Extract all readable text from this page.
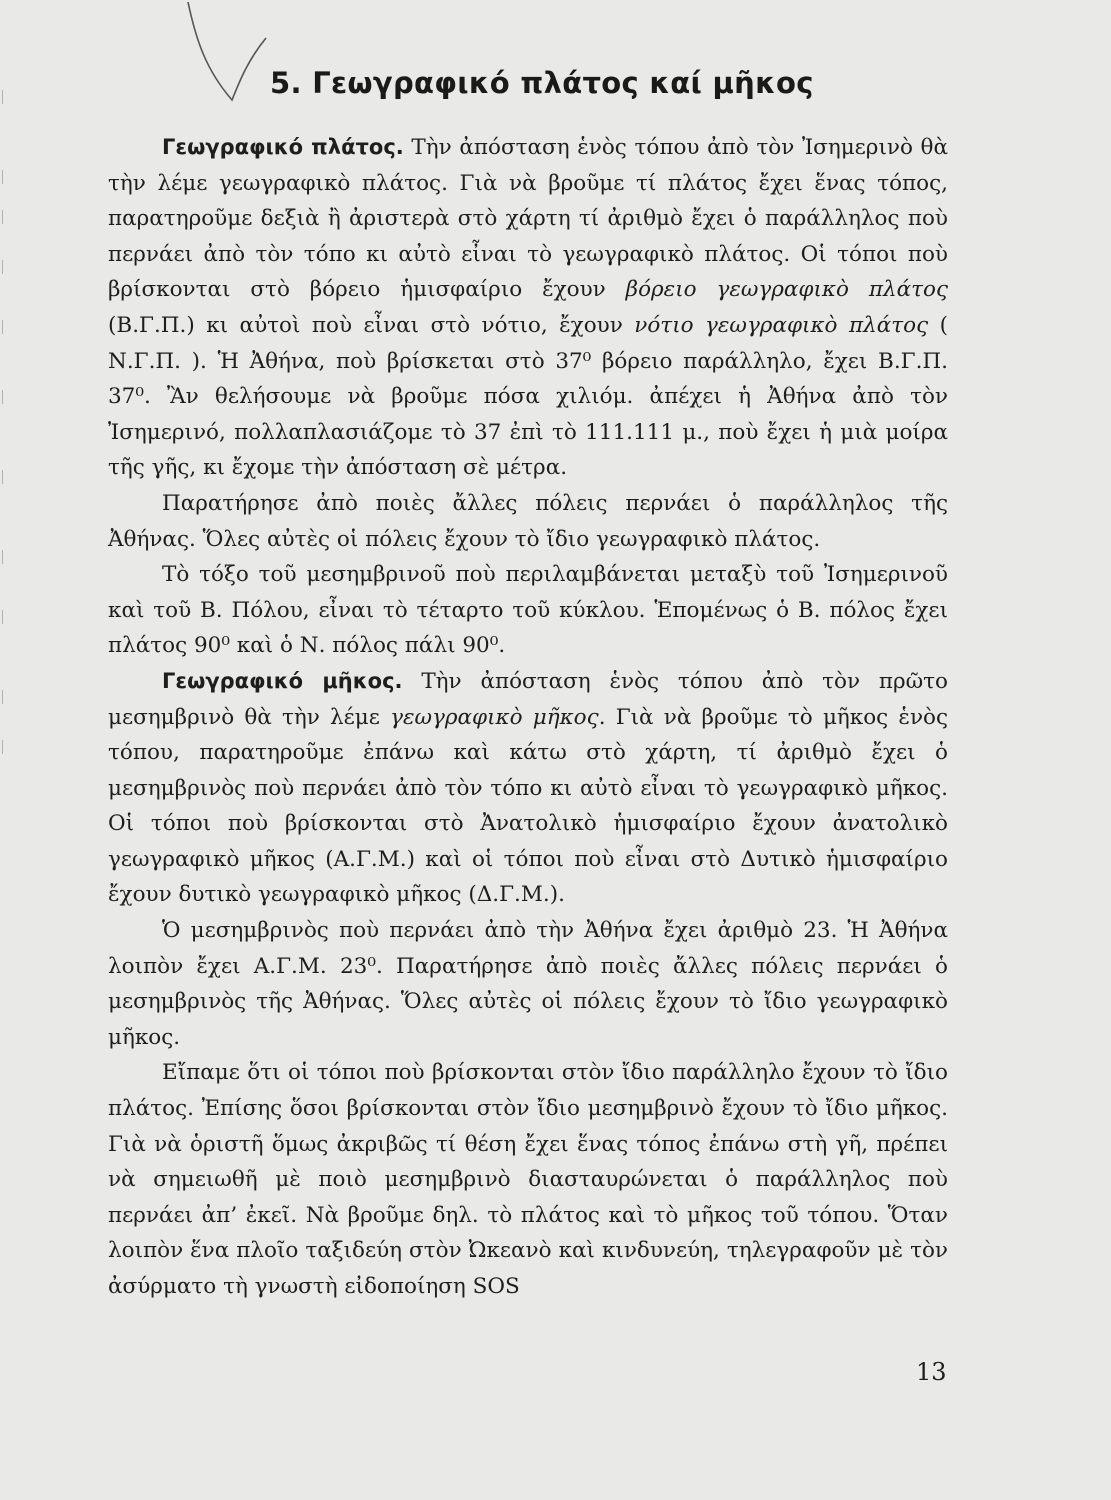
5. Γεωγραφικό πλάτος καί μῆκος

Γεωγραφικό πλάτος. Τὴν ἀπόσταση ἑνὸς τόπου ἀπὸ τὸν Ἰσημερινὸ θὰ τὴν λέμε γεωγραφικὸ πλάτος. Γιὰ νὰ βροῦμε τί πλάτος ἔχει ἕνας τόπος, παρατηροῦμε δεξιὰ ἢ ἀριστερὰ στὸ χάρτη τί ἀριθμὸ ἔχει ὁ παράλληλος ποὺ περνάει ἀπὸ τὸν τόπο κι αὐτὸ εἶναι τὸ γεωγραφικὸ πλάτος. Οἱ τόποι ποὺ βρίσκονται στὸ βόρειο ἡμισφαίριο ἔχουν βόρειο γεωγραφικὸ πλάτος (Β.Γ.Π.) κι αὐτοὶ ποὺ εἶναι στὸ νότιο, ἔχουν νότιο γεωγραφικὸ πλάτος ( Ν.Γ.Π. ). Ἡ Ἀθήνα, ποὺ βρίσκεται στὸ 37⁰ βόρειο παράλληλο, ἔχει Β.Γ.Π. 37⁰. Ἂν θελήσουμε νὰ βροῦμε πόσα χιλιόμ. ἀπέχει ἡ Ἀθήνα ἀπὸ τὸν Ἰσημερινό, πολλαπλασιάζομε τὸ 37 ἐπὶ τὸ 111.111 μ., ποὺ ἔχει ἡ μιὰ μοίρα τῆς γῆς, κι ἔχομε τὴν ἀπόσταση σὲ μέτρα.

Παρατήρησε ἀπὸ ποιὲς ἄλλες πόλεις περνάει ὁ παράλληλος τῆς Ἀθήνας. Ὅλες αὐτὲς οἱ πόλεις ἔχουν τὸ ἴδιο γεωγραφικὸ πλάτος.

Τὸ τόξο τοῦ μεσημβρινοῦ ποὺ περιλαμβάνεται μεταξὺ τοῦ Ἰσημερινοῦ καὶ τοῦ Β. Πόλου, εἶναι τὸ τέταρτο τοῦ κύκλου. Ἑπομένως ὁ Β. πόλος ἔχει πλάτος 90⁰ καὶ ὁ Ν. πόλος πάλι 90⁰.

Γεωγραφικό μῆκος. Τὴν ἀπόσταση ἑνὸς τόπου ἀπὸ τὸν πρῶτο μεσημβρινὸ θὰ τὴν λέμε γεωγραφικὸ μῆκος. Γιὰ νὰ βροῦμε τὸ μῆκος ἑνὸς τόπου, παρατηροῦμε ἐπάνω καὶ κάτω στὸ χάρτη, τί ἀριθμὸ ἔχει ὁ μεσημβρινὸς ποὺ περνάει ἀπὸ τὸν τόπο κι αὐτὸ εἶναι τὸ γεωγραφικὸ μῆκος. Οἱ τόποι ποὺ βρίσκονται στὸ Ἀνατολικὸ ἡμισφαίριο ἔχουν ἀνατολικὸ γεωγραφικὸ μῆκος (Α.Γ.Μ.) καὶ οἱ τόποι ποὺ εἶναι στὸ Δυτικὸ ἡμισφαίριο ἔχουν δυτικὸ γεωγραφικὸ μῆκος (Δ.Γ.Μ.).

Ὁ μεσημβρινὸς ποὺ περνάει ἀπὸ τὴν Ἀθήνα ἔχει ἀριθμὸ 23. Ἡ Ἀθήνα λοιπὸν ἔχει Α.Γ.Μ. 23⁰. Παρατήρησε ἀπὸ ποιὲς ἄλλες πόλεις περνάει ὁ μεσημβρινὸς τῆς Ἀθήνας. Ὅλες αὐτὲς οἱ πόλεις ἔχουν τὸ ἴδιο γεωγραφικὸ μῆκος.

Εἴπαμε ὅτι οἱ τόποι ποὺ βρίσκονται στὸν ἴδιο παράλληλο ἔχουν τὸ ἴδιο πλάτος. Ἐπίσης ὅσοι βρίσκονται στὸν ἴδιο μεσημβρινὸ ἔχουν τὸ ἴδιο μῆκος. Γιὰ νὰ ὁριστῆ ὅμως ἀκριβῶς τί θέση ἔχει ἕνας τόπος ἐπάνω στὴ γῆ, πρέπει νὰ σημειωθῆ μὲ ποιὸ μεσημβρινὸ διασταυρώνεται ὁ παράλληλος ποὺ περνάει ἀπ’ ἐκεῖ. Νὰ βροῦμε δηλ. τὸ πλάτος καὶ τὸ μῆκος τοῦ τόπου. Ὅταν λοιπὸν ἕνα πλοῖο ταξιδεύη στὸν Ὠκεανὸ καὶ κινδυνεύη, τηλεγραφοῦν μὲ τὸν ἀσύρματο τὴ γνωστὴ εἰδοποίηση SOS

13
